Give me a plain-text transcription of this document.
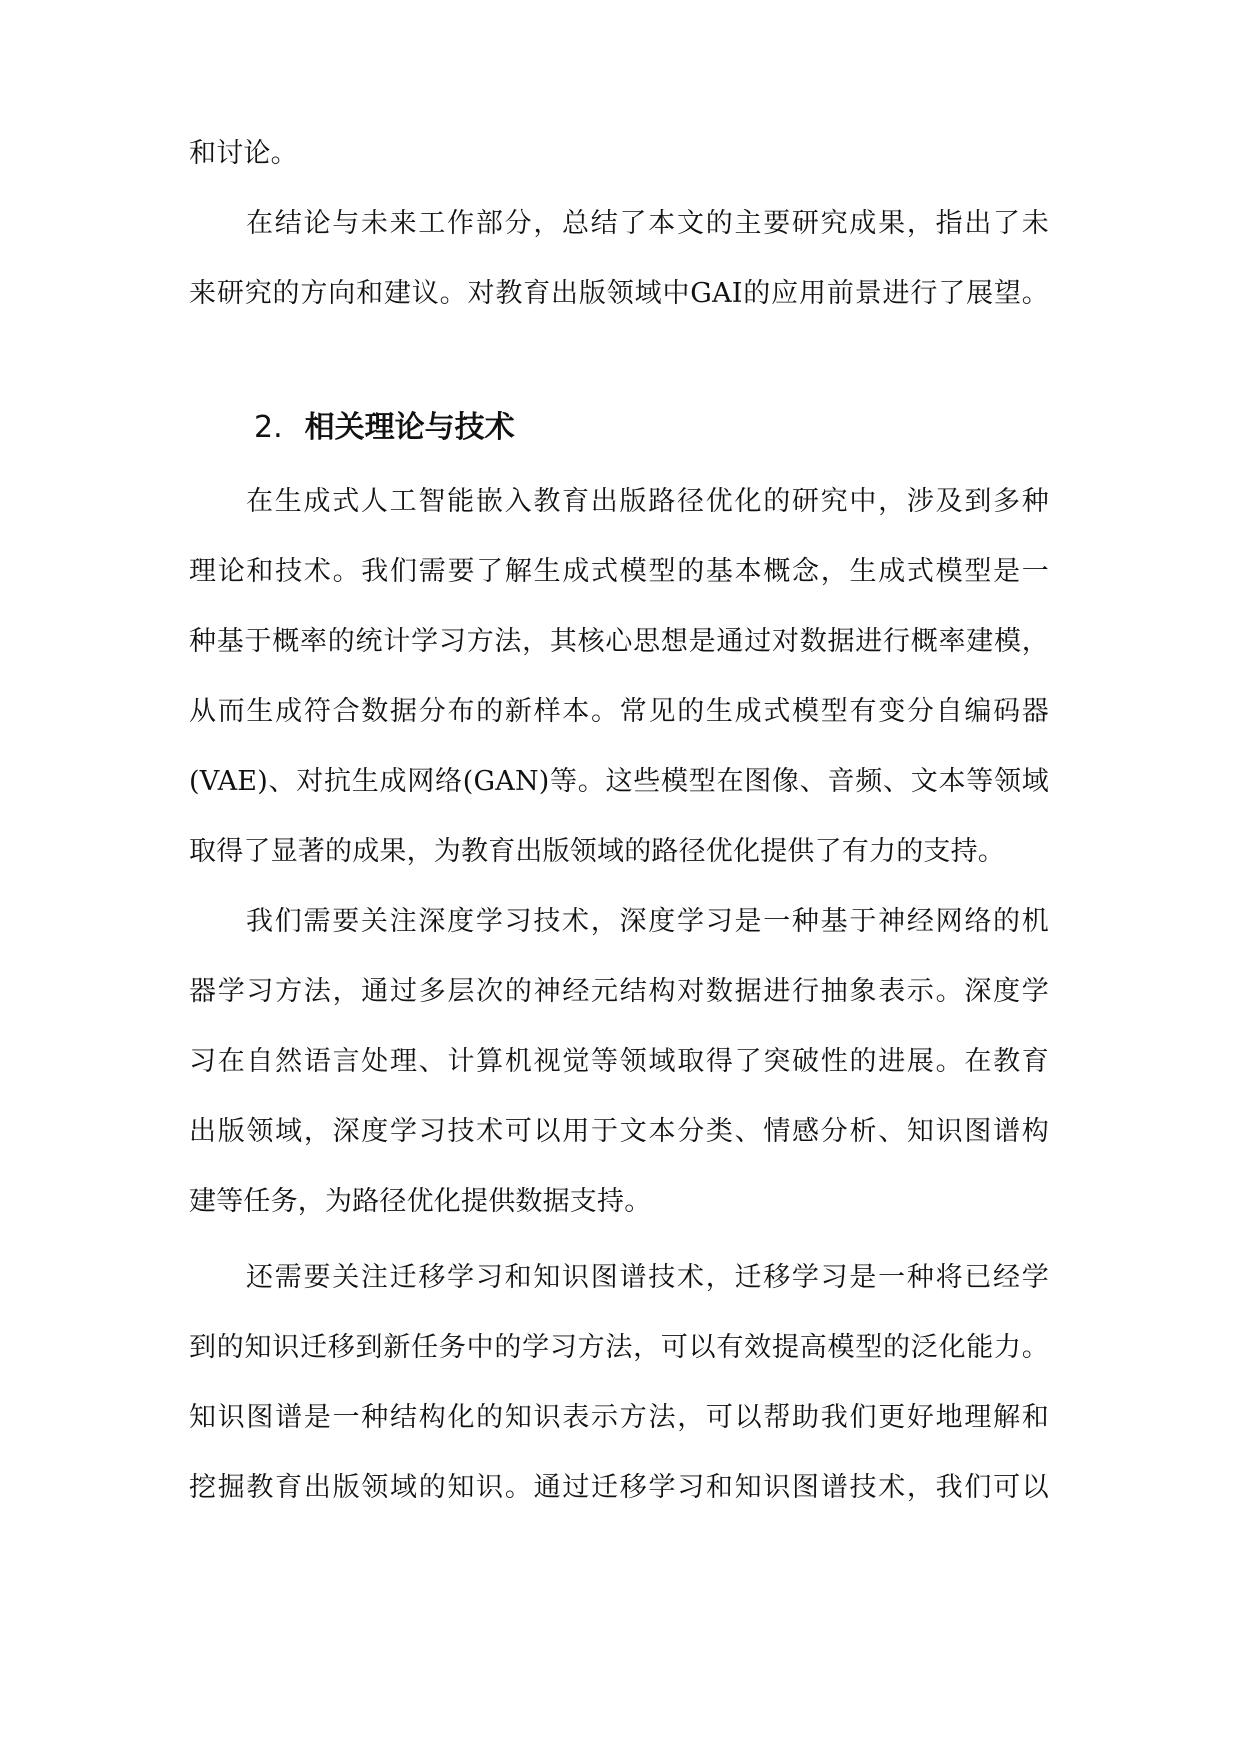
和讨论。
在结论与未来工作部分，总结了本文的主要研究成果，指出了未
来研究的方向和建议。对教育出版领域中GAI的应用前景进行了展望。
2. 相关理论与技术
在生成式人工智能嵌入教育出版路径优化的研究中，涉及到多种
理论和技术。我们需要了解生成式模型的基本概念，生成式模型是一
种基于概率的统计学习方法，其核心思想是通过对数据进行概率建模，
从而生成符合数据分布的新样本。常见的生成式模型有变分自编码器
(VAE)、对抗生成网络(GAN)等。这些模型在图像、音频、文本等领域
取得了显著的成果，为教育出版领域的路径优化提供了有力的支持。
我们需要关注深度学习技术，深度学习是一种基于神经网络的机
器学习方法，通过多层次的神经元结构对数据进行抽象表示。深度学
习在自然语言处理、计算机视觉等领域取得了突破性的进展。在教育
出版领域，深度学习技术可以用于文本分类、情感分析、知识图谱构
建等任务，为路径优化提供数据支持。
还需要关注迁移学习和知识图谱技术，迁移学习是一种将已经学
到的知识迁移到新任务中的学习方法，可以有效提高模型的泛化能力。
知识图谱是一种结构化的知识表示方法，可以帮助我们更好地理解和
挖掘教育出版领域的知识。通过迁移学习和知识图谱技术，我们可以
